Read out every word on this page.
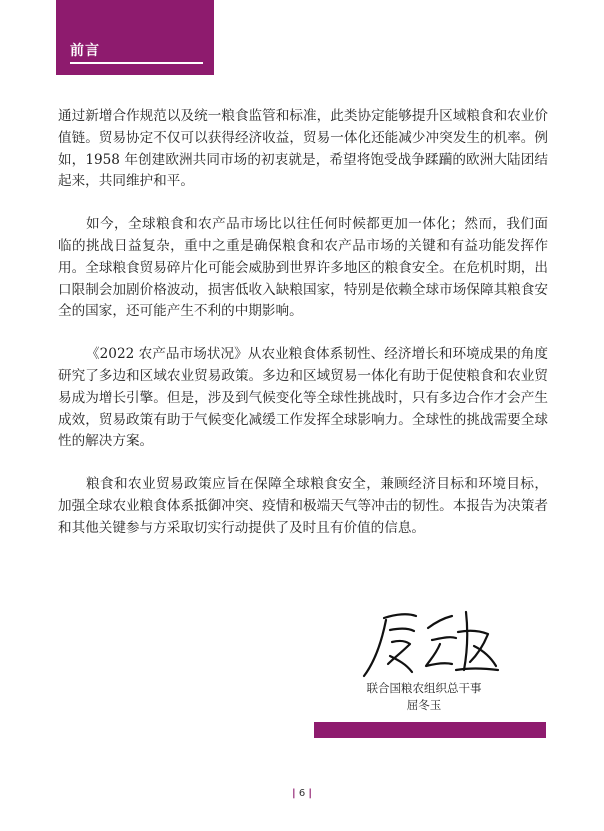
前言

通过新增合作规范以及统一粮食监管和标准，此类协定能够提升区域粮食和农业价值链。贸易协定不仅可以获得经济收益，贸易一体化还能减少冲突发生的机率。例如，1958 年创建欧洲共同市场的初衷就是，希望将饱受战争蹂躏的欧洲大陆团结起来，共同维护和平。

如今，全球粮食和农产品市场比以往任何时候都更加一体化；然而，我们面临的挑战日益复杂，重中之重是确保粮食和农产品市场的关键和有益功能发挥作用。全球粮食贸易碎片化可能会威胁到世界许多地区的粮食安全。在危机时期，出口限制会加剧价格波动，损害低收入缺粮国家，特别是依赖全球市场保障其粮食安全的国家，还可能产生不利的中期影响。

《2022 农产品市场状况》从农业粮食体系韧性、经济增长和环境成果的角度研究了多边和区域农业贸易政策。多边和区域贸易一体化有助于促使粮食和农业贸易成为增长引擎。但是，涉及到气候变化等全球性挑战时，只有多边合作才会产生成效，贸易政策有助于气候变化减缓工作发挥全球影响力。全球性的挑战需要全球性的解决方案。

粮食和农业贸易政策应旨在保障全球粮食安全，兼顾经济目标和环境目标，加强全球农业粮食体系抵御冲突、疫情和极端天气等冲击的韧性。本报告为决策者和其他关键参与方采取切实行动提供了及时且有价值的信息。

联合国粮农组织总干事
屈冬玉
| 6 |
